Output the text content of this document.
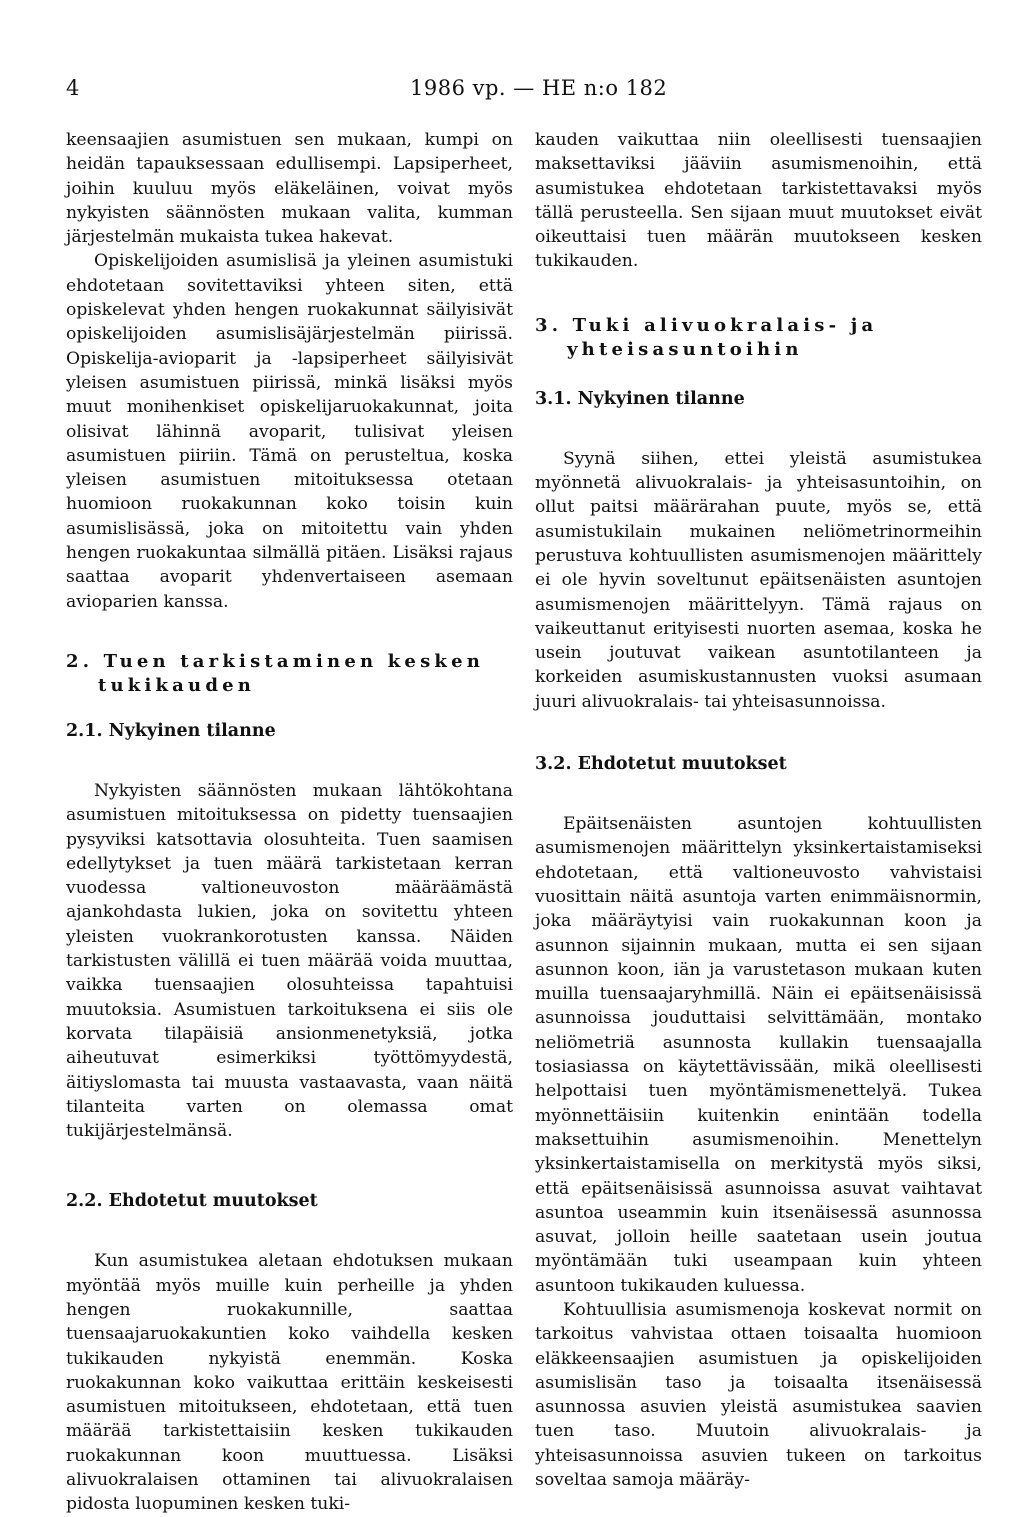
4	1986 vp. — HE n:o 182

keensaajien asumistuen sen mukaan, kumpi on heidän tapauksessaan edullisempi. Lapsiperheet, joihin kuuluu myös eläkeläinen, voivat myös nykyisten säännösten mukaan valita, kumman järjestelmän mukaista tukea hakevat.

Opiskelijoiden asumislisä ja yleinen asumistuki ehdotetaan sovitettaviksi yhteen siten, että opiskelevat yhden hengen ruokakunnat säilyisivät opiskelijoiden asumislisäjärjestelmän piirissä. Opiskelija-avioparit ja -lapsiperheet säilyisivät yleisen asumistuen piirissä, minkä lisäksi myös muut monihenkiset opiskelijaruokakunnat, joita olisivat lähinnä avoparit, tulisivat yleisen asumistuen piiriin. Tämä on perusteltua, koska yleisen asumistuen mitoituksessa otetaan huomioon ruokakunnan koko toisin kuin asumislisässä, joka on mitoitettu vain yhden hengen ruokakuntaa silmällä pitäen. Lisäksi rajaus saattaa avoparit yhdenvertaiseen asemaan avioparien kanssa.

2. Tuen tarkistaminen kesken tukikauden
2.1. Nykyinen tilanne

Nykyisten säännösten mukaan lähtökohtana asumistuen mitoituksessa on pidetty tuensaajien pysyviksi katsottavia olosuhteita. Tuen saamisen edellytykset ja tuen määrä tarkistetaan kerran vuodessa valtioneuvoston määräämästä ajankohdasta lukien, joka on sovitettu yhteen yleisten vuokrankorotusten kanssa. Näiden tarkistusten välillä ei tuen määrää voida muuttaa, vaikka tuensaajien olosuhteissa tapahtuisi muutoksia. Asumistuen tarkoituksena ei siis ole korvata tilapäisiä ansionmenetyksiä, jotka aiheutuvat esimerkiksi työttömyydestä, äitiyslomasta tai muusta vastaavasta, vaan näitä tilanteita varten on olemassa omat tukijärjestelmänsä.

2.2. Ehdotetut muutokset

Kun asumistukea aletaan ehdotuksen mukaan myöntää myös muille kuin perheille ja yhden hengen ruokakunnille, saattaa tuensaajaruokakuntien koko vaihdella kesken tukikauden nykyistä enemmän. Koska ruokakunnan koko vaikuttaa erittäin keskeisesti asumistuen mitoitukseen, ehdotetaan, että tuen määrää tarkistettaisiin kesken tukikauden ruokakunnan koon muuttuessa. Lisäksi alivuokralaisen ottaminen tai alivuokralaisen pidosta luopuminen kesken tuki-

kauden vaikuttaa niin oleellisesti tuensaajien maksettaviksi jääviin asumismenoihin, että asumistukea ehdotetaan tarkistettavaksi myös tällä perusteella. Sen sijaan muut muutokset eivät oikeuttaisi tuen määrän muutokseen kesken tukikauden.

3. Tuki alivuokralais- ja yhteisasuntoihin
3.1. Nykyinen tilanne

Syynä siihen, ettei yleistä asumistukea myönnetä alivuokralais- ja yhteisasuntoihin, on ollut paitsi määrärahan puute, myös se, että asumistukilain mukainen neliömetrinormeihin perustuva kohtuullisten asumismenojen määrittely ei ole hyvin soveltunut epäitsenäisten asuntojen asumismenojen määrittelyyn. Tämä rajaus on vaikeuttanut erityisesti nuorten asemaa, koska he usein joutuvat vaikean asuntotilanteen ja korkeiden asumiskustannusten vuoksi asumaan juuri alivuokralais- tai yhteisasunnoissa.

3.2. Ehdotetut muutokset

Epäitsenäisten asuntojen kohtuullisten asumismenojen määrittelyn yksinkertaistamiseksi ehdotetaan, että valtioneuvosto vahvistaisi vuosittain näitä asuntoja varten enimmäisnormin, joka määräytyisi vain ruokakunnan koon ja asunnon sijainnin mukaan, mutta ei sen sijaan asunnon koon, iän ja varustetason mukaan kuten muilla tuensaajaryhmillä. Näin ei epäitsenäisissä asunnoissa jouduttaisi selvittämään, montako neliömetriä asunnosta kullakin tuensaajalla tosiasiassa on käytettävissään, mikä oleellisesti helpottaisi tuen myöntämismenettelyä. Tukea myönnettäisiin kuitenkin enintään todella maksettuihin asumismenoihin. Menettelyn yksinkertaistamisella on merkitystä myös siksi, että epäitsenäisissä asunnoissa asuvat vaihtavat asuntoa useammin kuin itsenäisessä asunnossa asuvat, jolloin heille saatetaan usein joutua myöntämään tuki useampaan kuin yhteen asuntoon tukikauden kuluessa.

Kohtuullisia asumismenoja koskevat normit on tarkoitus vahvistaa ottaen toisaalta huomioon eläkkeensaajien asumistuen ja opiskelijoiden asumislisän taso ja toisaalta itsenäisessä asunnossa asuvien yleistä asumistukea saavien tuen taso. Muutoin alivuokralais- ja yhteisasunnoissa asuvien tukeen on tarkoitus soveltaa samoja määräy-
